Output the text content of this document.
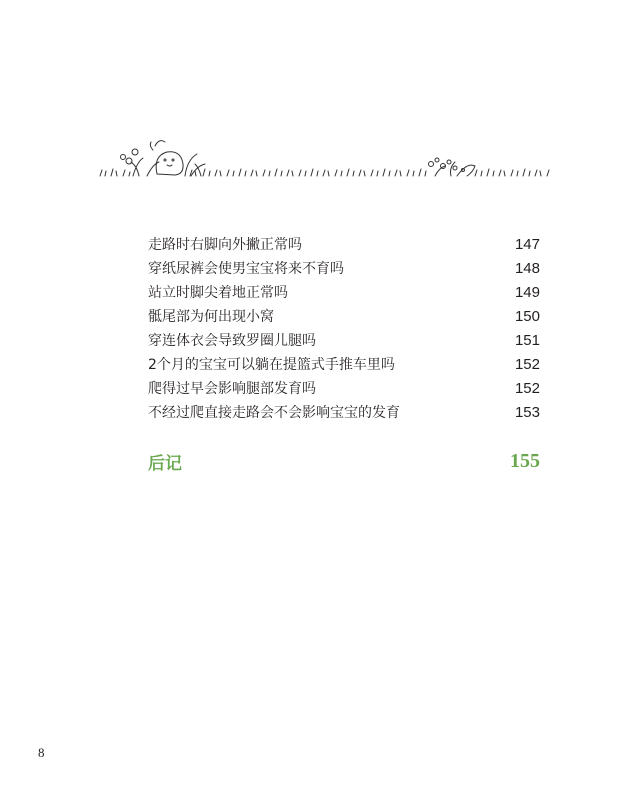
走路时右脚向外撇正常吗	147
穿纸尿裤会使男宝宝将来不育吗	148
站立时脚尖着地正常吗	149
骶尾部为何出现小窝	150
穿连体衣会导致罗圈儿腿吗	151
2个月的宝宝可以躺在提篮式手推车里吗	152
爬得过早会影响腿部发育吗	152
不经过爬直接走路会不会影响宝宝的发育	153
后记	155
8
